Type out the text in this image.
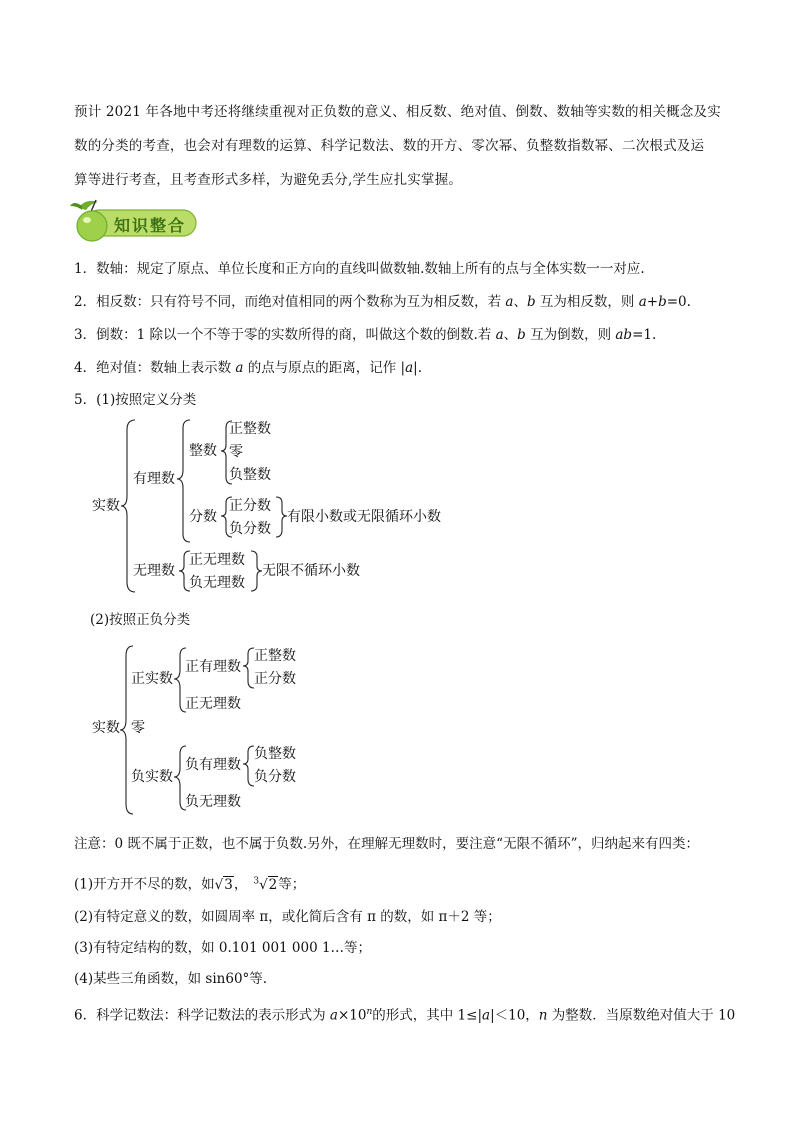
预计 2021 年各地中考还将继续重视对正负数的意义、相反数、绝对值、倒数、数轴等实数的相关概念及实
数的分类的考查，也会对有理数的运算、科学记数法、数的开方、零次幂、负整数指数幂、二次根式及运
算等进行考查，且考查形式多样，为避免丢分,学生应扎实掌握。
知识整合
1．数轴：规定了原点、单位长度和正方向的直线叫做数轴.数轴上所有的点与全体实数一一对应.
2．相反数：只有符号不同，而绝对值相同的两个数称为互为相反数，若 a、b 互为相反数，则 a+b=0.
3．倒数：1 除以一个不等于零的实数所得的商，叫做这个数的倒数.若 a、b 互为倒数，则 ab=1.
4．绝对值：数轴上表示数 a 的点与原点的距离，记作 |a|.
5．(1)按照定义分类
实数
有理数
整数
正整数
零
负整数
分数
正分数
负分数
有限小数或无限循环小数
无理数
正无理数
负无理数
无限不循环小数
(2)按照正负分类
实数
正实数
正有理数
正整数
正分数
正无理数
零
负实数
负有理数
负整数
负分数
负无理数
注意：0 既不属于正数，也不属于负数.另外，在理解无理数时，要注意“无限不循环”，归纳起来有四类：
(1)开方开不尽的数，如√3， $^3$√2等；
(2)有特定意义的数，如圆周率 π，或化简后含有 π 的数，如 π＋2 等；
(3)有特定结构的数，如 0.101 001 000 1…等；
(4)某些三角函数，如 sin60°等.
6．科学记数法：科学记数法的表示形式为 $a\times 10^n$的形式，其中 1≤|a|＜10，n 为整数．当原数绝对值大于 10
